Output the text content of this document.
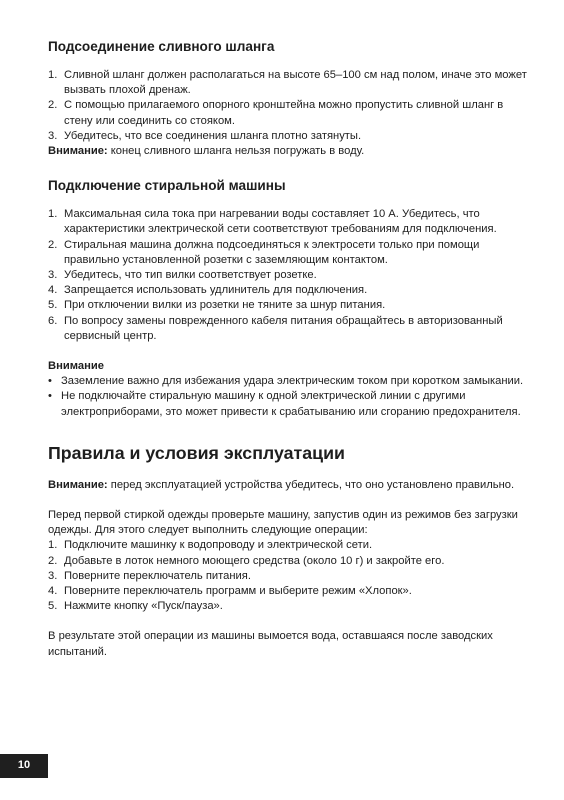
Подсоединение сливного шланга
1. Сливной шланг должен располагаться на высоте 65–100 см над полом, иначе это может вызвать плохой дренаж.
2. С помощью прилагаемого опорного кронштейна можно пропустить сливной шланг в стену или соединить со стояком.
3. Убедитесь, что все соединения шланга плотно затянуты.

Внимание: конец сливного шланга нельзя погружать в воду.

Подключение стиральной машины
1. Максимальная сила тока при нагревании воды составляет 10 А. Убедитесь, что характеристики электрической сети соответствуют требованиям для подключения.
2. Стиральная машина должна подсоединяться к электросети только при помощи правильно установленной розетки с заземляющим контактом.
3. Убедитесь, что тип вилки соответствует розетке.
4. Запрещается использовать удлинитель для подключения.
5. При отключении вилки из розетки не тяните за шнур питания.
6. По вопросу замены поврежденного кабеля питания обращайтесь в авторизованный сервисный центр.

Внимание

• Заземление важно для избежания удара электрическим током при коротком замыкании.
• Не подключайте стиральную машину к одной электрической линии с другими электроприборами, это может привести к срабатыванию или сгоранию предохранителя.
Правила и условия эксплуатации

Внимание: перед эксплуатацией устройства убедитесь, что оно установлено правильно.

Перед первой стиркой одежды проверьте машину, запустив один из режимов без загрузки одежды. Для этого следует выполнить следующие операции:

1. Подключите машинку к водопроводу и электрической сети.
2. Добавьте в лоток немного моющего средства (около 10 г) и закройте его.
3. Поверните переключатель питания.
4. Поверните переключатель программ и выберите режим «Хлопок».
5. Нажмите кнопку «Пуск/пауза».

В результате этой операции из машины вымоется вода, оставшаяся после заводских испытаний.

10
